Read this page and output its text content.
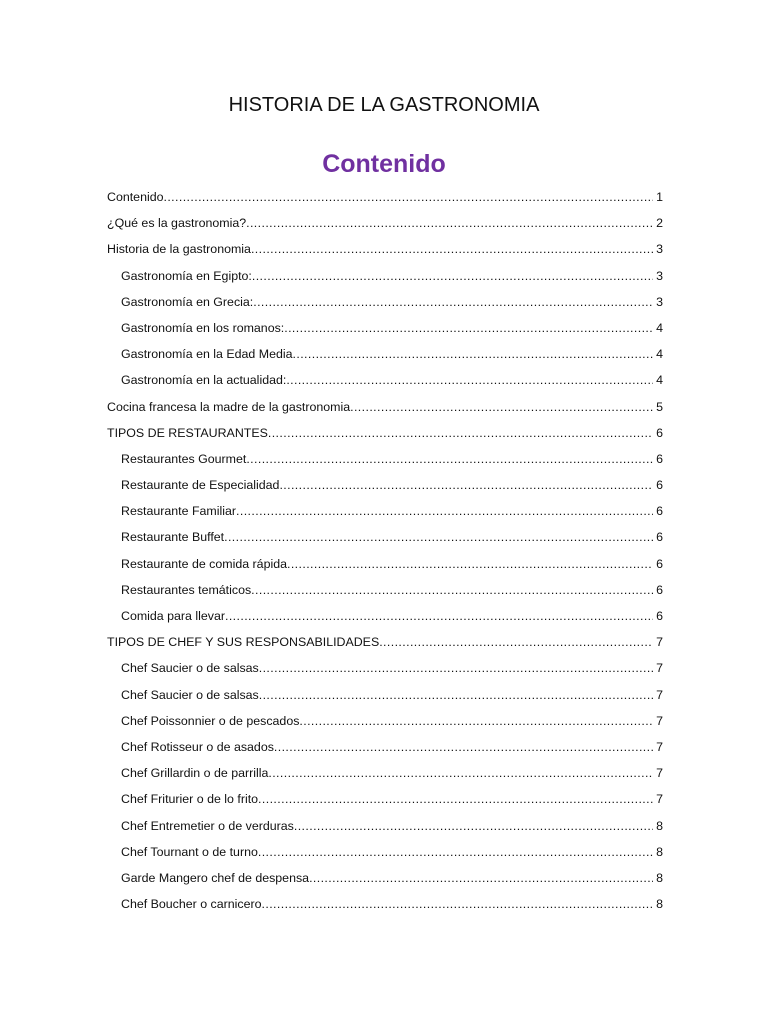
HISTORIA DE LA GASTRONOMIA
Contenido
Contenido .....	1
¿Qué es la gastronomia? .....	2
Historia de la gastronomia .....	3
Gastronomía en Egipto: .....	3
Gastronomía en Grecia: .....	3
Gastronomía en los romanos: .....	4
Gastronomía en la Edad Media .....	4
Gastronomía en la actualidad: .....	4
Cocina francesa la madre de la gastronomia .....	5
TIPOS DE RESTAURANTES .....	6
Restaurantes Gourmet .....	6
Restaurante de Especialidad .....	6
Restaurante Familiar .....	6
Restaurante Buffet .....	6
Restaurante de comida rápida .....	6
Restaurantes temáticos .....	6
Comida para llevar .....	6
TIPOS DE CHEF Y SUS RESPONSABILIDADES .....	7
Chef Saucier o de salsas .....	7
Chef Saucier o de salsas .....	7
Chef Poissonnier o de pescados .....	7
Chef Rotisseur o de asados .....	7
Chef Grillardin o de parrilla .....	7
Chef Friturier o de lo frito .....	7
Chef Entremetier o de verduras .....	8
Chef Tournant o de turno .....	8
Garde Mangero chef de despensa .....	8
Chef Boucher o carnicero .....	8
